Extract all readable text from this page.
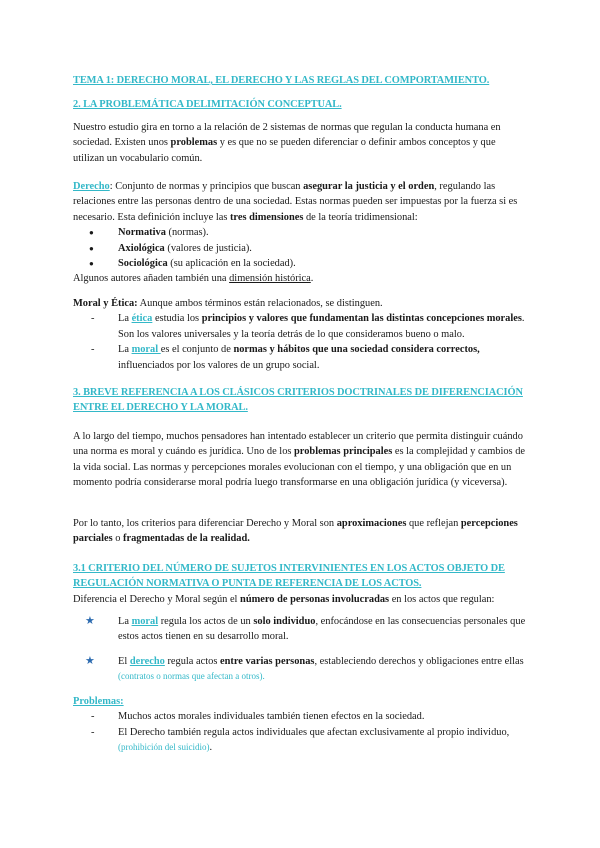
TEMA 1: DERECHO MORAL, EL DERECHO Y LAS REGLAS DEL COMPORTAMIENTO.

2. LA PROBLEMÁTICA DELIMITACIÓN CONCEPTUAL.

Nuestro estudio gira en torno a la relación de 2 sistemas de normas que regulan la conducta humana en sociedad. Existen unos problemas y es que no se pueden diferenciar o definir ambos conceptos y que utilizan un vocabulario común.

Derecho: Conjunto de normas y principios que buscan asegurar la justicia y el orden, regulando las relaciones entre las personas dentro de una sociedad. Estas normas pueden ser impuestas por la fuerza si es necesario. Esta definición incluye las tres dimensiones de la teoría tridimensional:

● Normativa (normas).
● Axiológica (valores de justicia).
● Sociológica (su aplicación en la sociedad).

Algunos autores añaden también una dimensión histórica.

Moral y Ética: Aunque ambos términos están relacionados, se distinguen.

- La ética estudia los principios y valores que fundamentan las distintas concepciones morales. Son los valores universales y la teoría detrás de lo que consideramos bueno o malo.
- La moral es el conjunto de normas y hábitos que una sociedad considera correctos, influenciados por los valores de un grupo social.

3. BREVE REFERENCIA A LOS CLÁSICOS CRITERIOS DOCTRINALES DE DIFERENCIACIÓN ENTRE EL DERECHO Y LA MORAL.

A lo largo del tiempo, muchos pensadores han intentado establecer un criterio que permita distinguir cuándo una norma es moral y cuándo es jurídica. Uno de los problemas principales es la complejidad y cambios de la vida social. Las normas y percepciones morales evolucionan con el tiempo, y una obligación que en un momento podría considerarse moral podría luego transformarse en una obligación jurídica (y viceversa).

Por lo tanto, los criterios para diferenciar Derecho y Moral son aproximaciones que reflejan percepciones parciales o fragmentadas de la realidad.

3.1 CRITERIO DEL NÚMERO DE SUJETOS INTERVINIENTES EN LOS ACTOS OBJETO DE REGULACIÓN NORMATIVA O PUNTA DE REFERENCIA DE LOS ACTOS.

Diferencia el Derecho y Moral según el número de personas involucradas en los actos que regulan:

★ La moral regula los actos de un solo individuo, enfocándose en las consecuencias personales que estos actos tienen en su desarrollo moral.
★ El derecho regula actos entre varias personas, estableciendo derechos y obligaciones entre ellas (contratos o normas que afectan a otros).

Problemas:

- Muchos actos morales individuales también tienen efectos en la sociedad.
- El Derecho también regula actos individuales que afectan exclusivamente al propio individuo, (prohibición del suicidio).
